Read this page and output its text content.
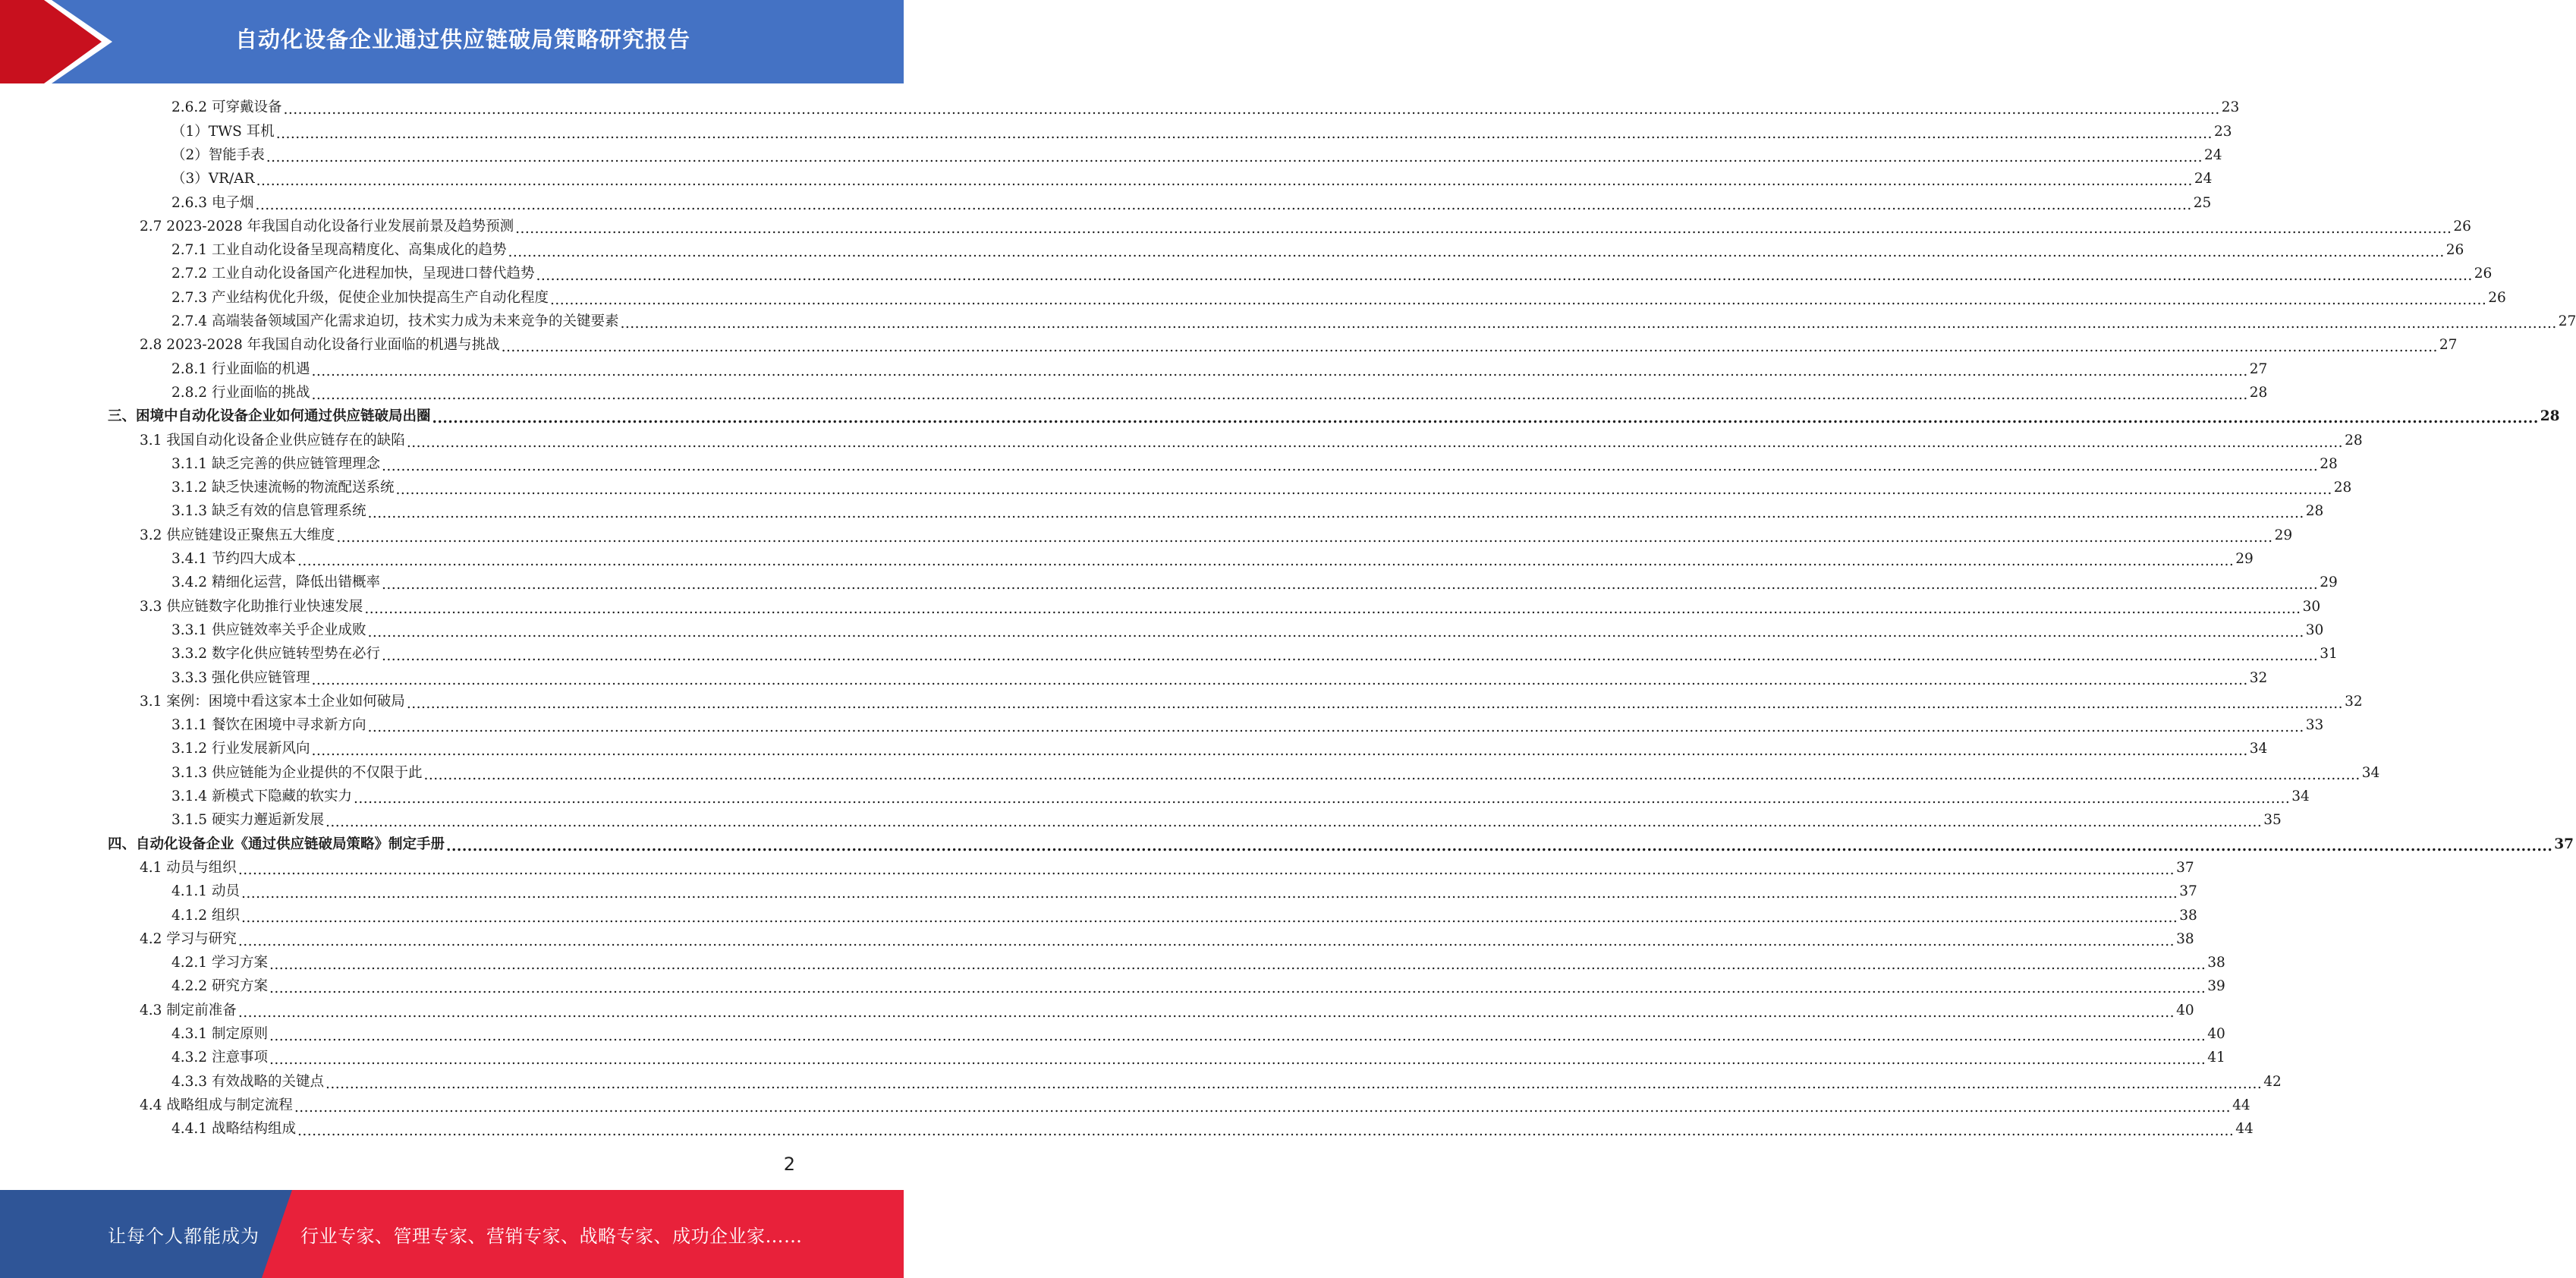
自动化设备企业通过供应链破局策略研究报告
2.6.2 可穿戴设备 ................................................................................................................................................................................................................................................................................................................................................................................................................ 23
（1）TWS 耳机 ................................................................................................................................................................................................................................................................................................................................................................................................................ 23
（2）智能手表 ................................................................................................................................................................................................................................................................................................................................................................................................................ 24
（3）VR/AR ................................................................................................................................................................................................................................................................................................................................................................................................................ 24
2.6.3 电子烟 ................................................................................................................................................................................................................................................................................................................................................................................................................ 25
2.7 2023-2028 年我国自动化设备行业发展前景及趋势预测 ................................................................................................................................................................................................................................................................................................................................................................................................................ 26
2.7.1 工业自动化设备呈现高精度化、高集成化的趋势 ................................................................................................................................................................................................................................................................................................................................................................................................................ 26
2.7.2 工业自动化设备国产化进程加快，呈现进口替代趋势 ................................................................................................................................................................................................................................................................................................................................................................................................................ 26
2.7.3 产业结构优化升级，促使企业加快提高生产自动化程度 ................................................................................................................................................................................................................................................................................................................................................................................................................ 26
2.7.4 高端装备领域国产化需求迫切，技术实力成为未来竞争的关键要素 ................................................................................................................................................................................................................................................................................................................................................................................................................ 27
2.8 2023-2028 年我国自动化设备行业面临的机遇与挑战 ................................................................................................................................................................................................................................................................................................................................................................................................................ 27
2.8.1 行业面临的机遇 ................................................................................................................................................................................................................................................................................................................................................................................................................ 27
2.8.2 行业面临的挑战 ................................................................................................................................................................................................................................................................................................................................................................................................................ 28
三、困境中自动化设备企业如何通过供应链破局出圈 ................................................................................................................................................................................................................................................................................................................................................................................................................ 28
3.1 我国自动化设备企业供应链存在的缺陷 ................................................................................................................................................................................................................................................................................................................................................................................................................ 28
3.1.1 缺乏完善的供应链管理理念 ................................................................................................................................................................................................................................................................................................................................................................................................................ 28
3.1.2 缺乏快速流畅的物流配送系统 ................................................................................................................................................................................................................................................................................................................................................................................................................ 28
3.1.3 缺乏有效的信息管理系统 ................................................................................................................................................................................................................................................................................................................................................................................................................ 28
3.2 供应链建设正聚焦五大维度 ................................................................................................................................................................................................................................................................................................................................................................................................................ 29
3.4.1 节约四大成本 ................................................................................................................................................................................................................................................................................................................................................................................................................ 29
3.4.2 精细化运营，降低出错概率 ................................................................................................................................................................................................................................................................................................................................................................................................................ 29
3.3 供应链数字化助推行业快速发展 ................................................................................................................................................................................................................................................................................................................................................................................................................ 30
3.3.1 供应链效率关乎企业成败 ................................................................................................................................................................................................................................................................................................................................................................................................................ 30
3.3.2 数字化供应链转型势在必行 ................................................................................................................................................................................................................................................................................................................................................................................................................ 31
3.3.3 强化供应链管理 ................................................................................................................................................................................................................................................................................................................................................................................................................ 32
3.1 案例：困境中看这家本土企业如何破局 ................................................................................................................................................................................................................................................................................................................................................................................................................ 32
3.1.1 餐饮在困境中寻求新方向 ................................................................................................................................................................................................................................................................................................................................................................................................................ 33
3.1.2 行业发展新风向 ................................................................................................................................................................................................................................................................................................................................................................................................................ 34
3.1.3 供应链能为企业提供的不仅限于此 ................................................................................................................................................................................................................................................................................................................................................................................................................ 34
3.1.4 新模式下隐藏的软实力 ................................................................................................................................................................................................................................................................................................................................................................................................................ 34
3.1.5 硬实力邂逅新发展 ................................................................................................................................................................................................................................................................................................................................................................................................................ 35
四、自动化设备企业《通过供应链破局策略》制定手册 ................................................................................................................................................................................................................................................................................................................................................................................................................ 37
4.1 动员与组织 ................................................................................................................................................................................................................................................................................................................................................................................................................ 37
4.1.1 动员 ................................................................................................................................................................................................................................................................................................................................................................................................................ 37
4.1.2 组织 ................................................................................................................................................................................................................................................................................................................................................................................................................ 38
4.2 学习与研究 ................................................................................................................................................................................................................................................................................................................................................................................................................ 38
4.2.1 学习方案 ................................................................................................................................................................................................................................................................................................................................................................................................................ 38
4.2.2 研究方案 ................................................................................................................................................................................................................................................................................................................................................................................................................ 39
4.3 制定前准备 ................................................................................................................................................................................................................................................................................................................................................................................................................ 40
4.3.1 制定原则 ................................................................................................................................................................................................................................................................................................................................................................................................................ 40
4.3.2 注意事项 ................................................................................................................................................................................................................................................................................................................................................................................................................ 41
4.3.3 有效战略的关键点 ................................................................................................................................................................................................................................................................................................................................................................................................................ 42
4.4 战略组成与制定流程 ................................................................................................................................................................................................................................................................................................................................................................................................................ 44
4.4.1 战略结构组成 ................................................................................................................................................................................................................................................................................................................................................................................................................ 44
2
让每个人都能成为	行业专家、管理专家、营销专家、战略专家、成功企业家……
